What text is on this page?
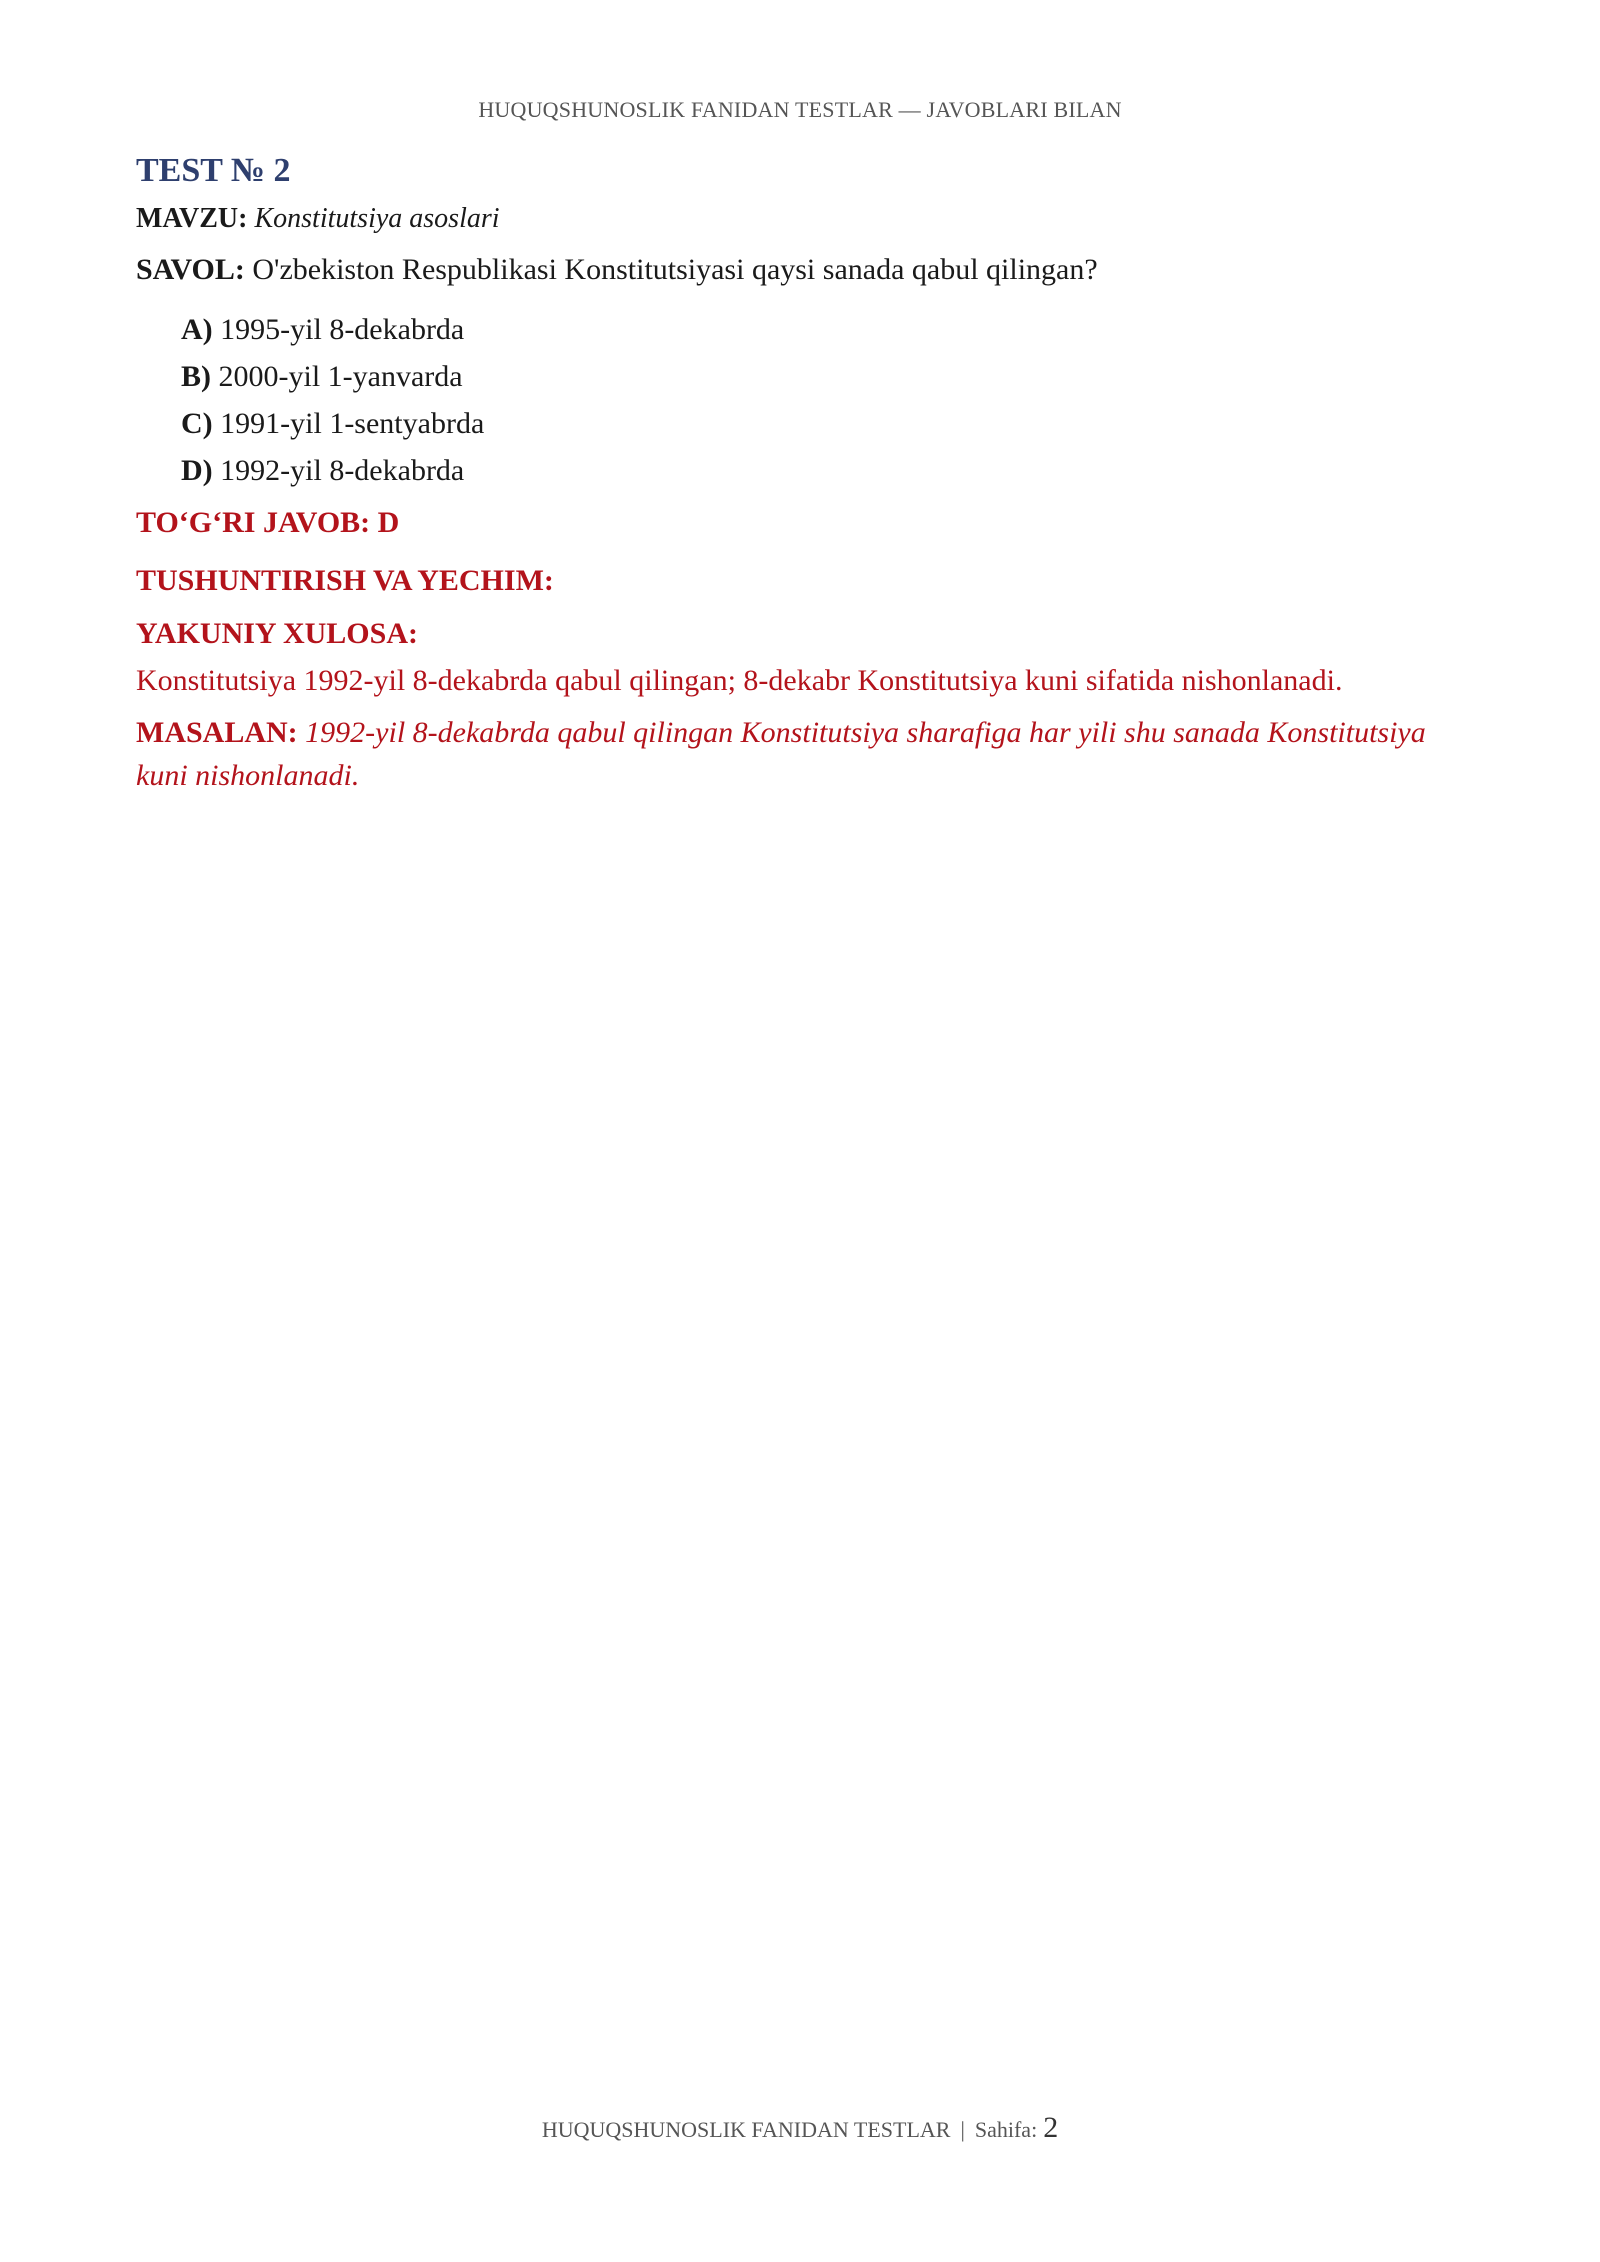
HUQUQSHUNOSLIK FANIDAN TESTLAR — JAVOBLARI BILAN
TEST № 2
MAVZU: Konstitutsiya asoslari
SAVOL: O'zbekiston Respublikasi Konstitutsiyasi qaysi sanada qabul qilingan?
A) 1995-yil 8-dekabrda
B) 2000-yil 1-yanvarda
C) 1991-yil 1-sentyabrda
D) 1992-yil 8-dekabrda
TO‘G‘RI JAVOB: D
TUSHUNTIRISH VA YECHIM:
YAKUNIY XULOSA:
Konstitutsiya 1992-yil 8-dekabrda qabul qilingan; 8-dekabr Konstitutsiya kuni sifatida nishonlanadi.
MASALAN: 1992-yil 8-dekabrda qabul qilingan Konstitutsiya sharafiga har yili shu sanada Konstitutsiya kuni nishonlanadi.
HUQUQSHUNOSLIK FANIDAN TESTLAR | Sahifa: 2
